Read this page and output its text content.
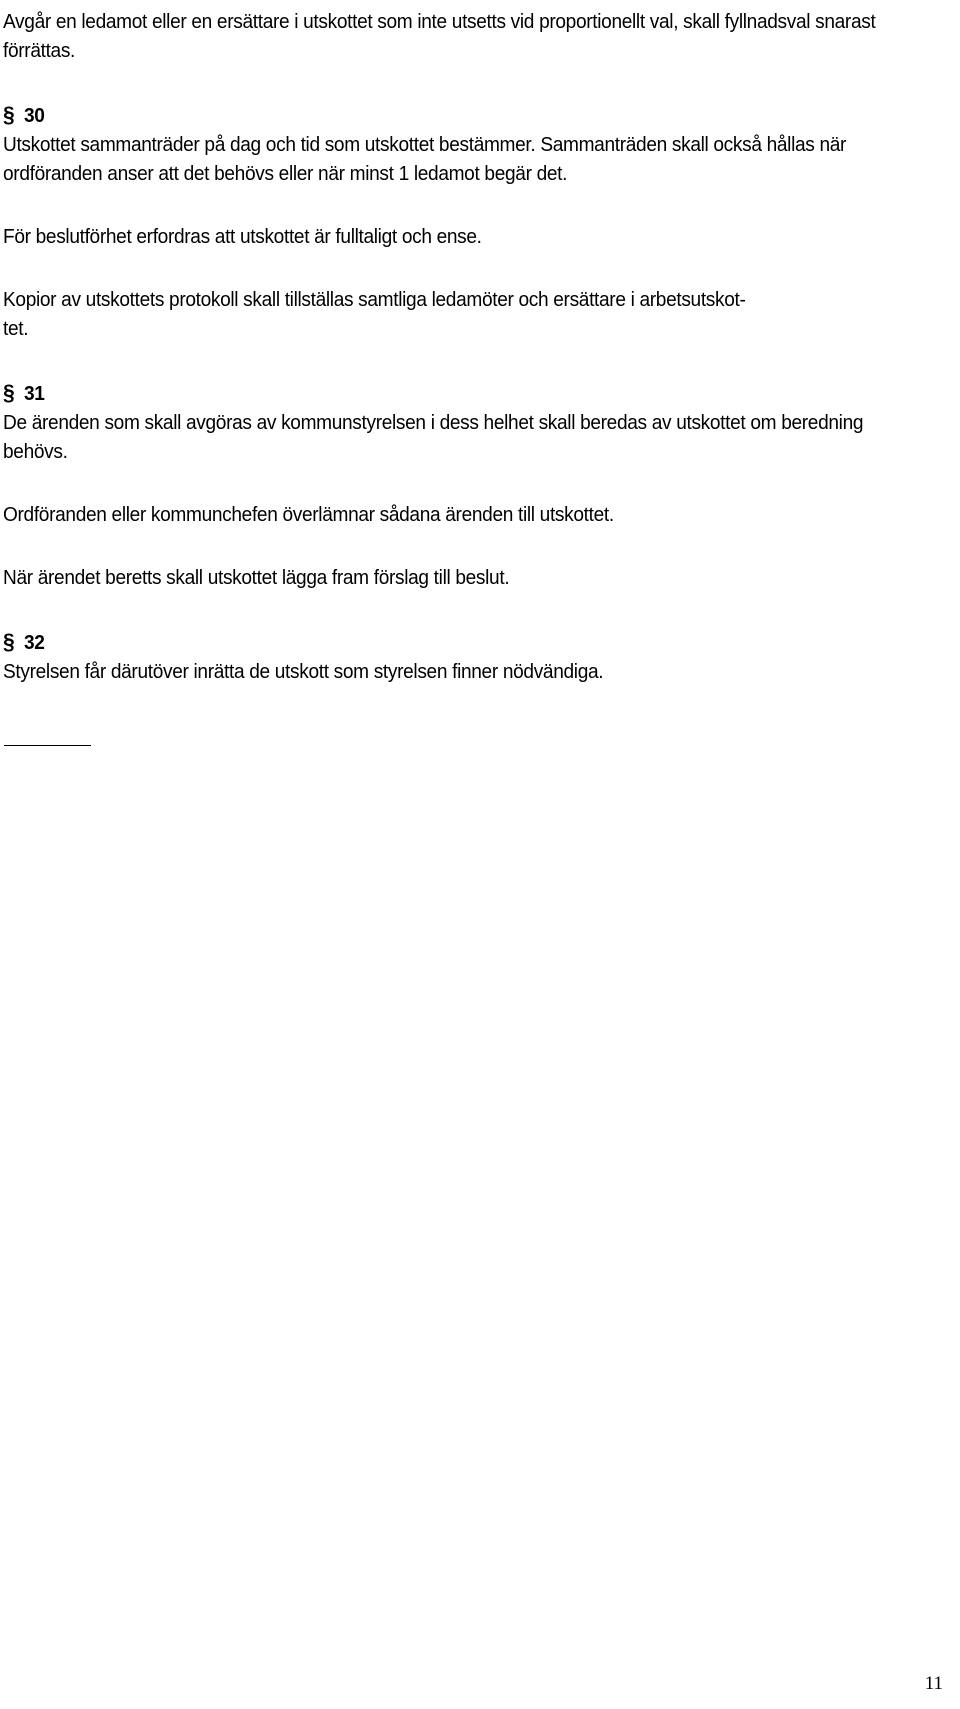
Avgår en ledamot eller en ersättare i utskottet som inte utsetts vid proportionellt val, skall fyllnadsval snarast förrättas.

§ 30

Utskottet sammanträder på dag och tid som utskottet bestämmer. Sammanträden skall också hållas när ordföranden anser att det behövs eller när minst 1 ledamot begär det.

För beslutförhet erfordras att utskottet är fulltaligt och ense.

Kopior av utskottets protokoll skall tillställas samtliga ledamöter och ersättare i arbetsutskot-
tet.
§ 31

De ärenden som skall avgöras av kommunstyrelsen i dess helhet skall beredas av utskottet om beredning behövs.

Ordföranden eller kommunchefen överlämnar sådana ärenden till utskottet.

När ärendet beretts skall utskottet lägga fram förslag till beslut.

§ 32

Styrelsen får därutöver inrätta de utskott som styrelsen finner nödvändiga.

11
